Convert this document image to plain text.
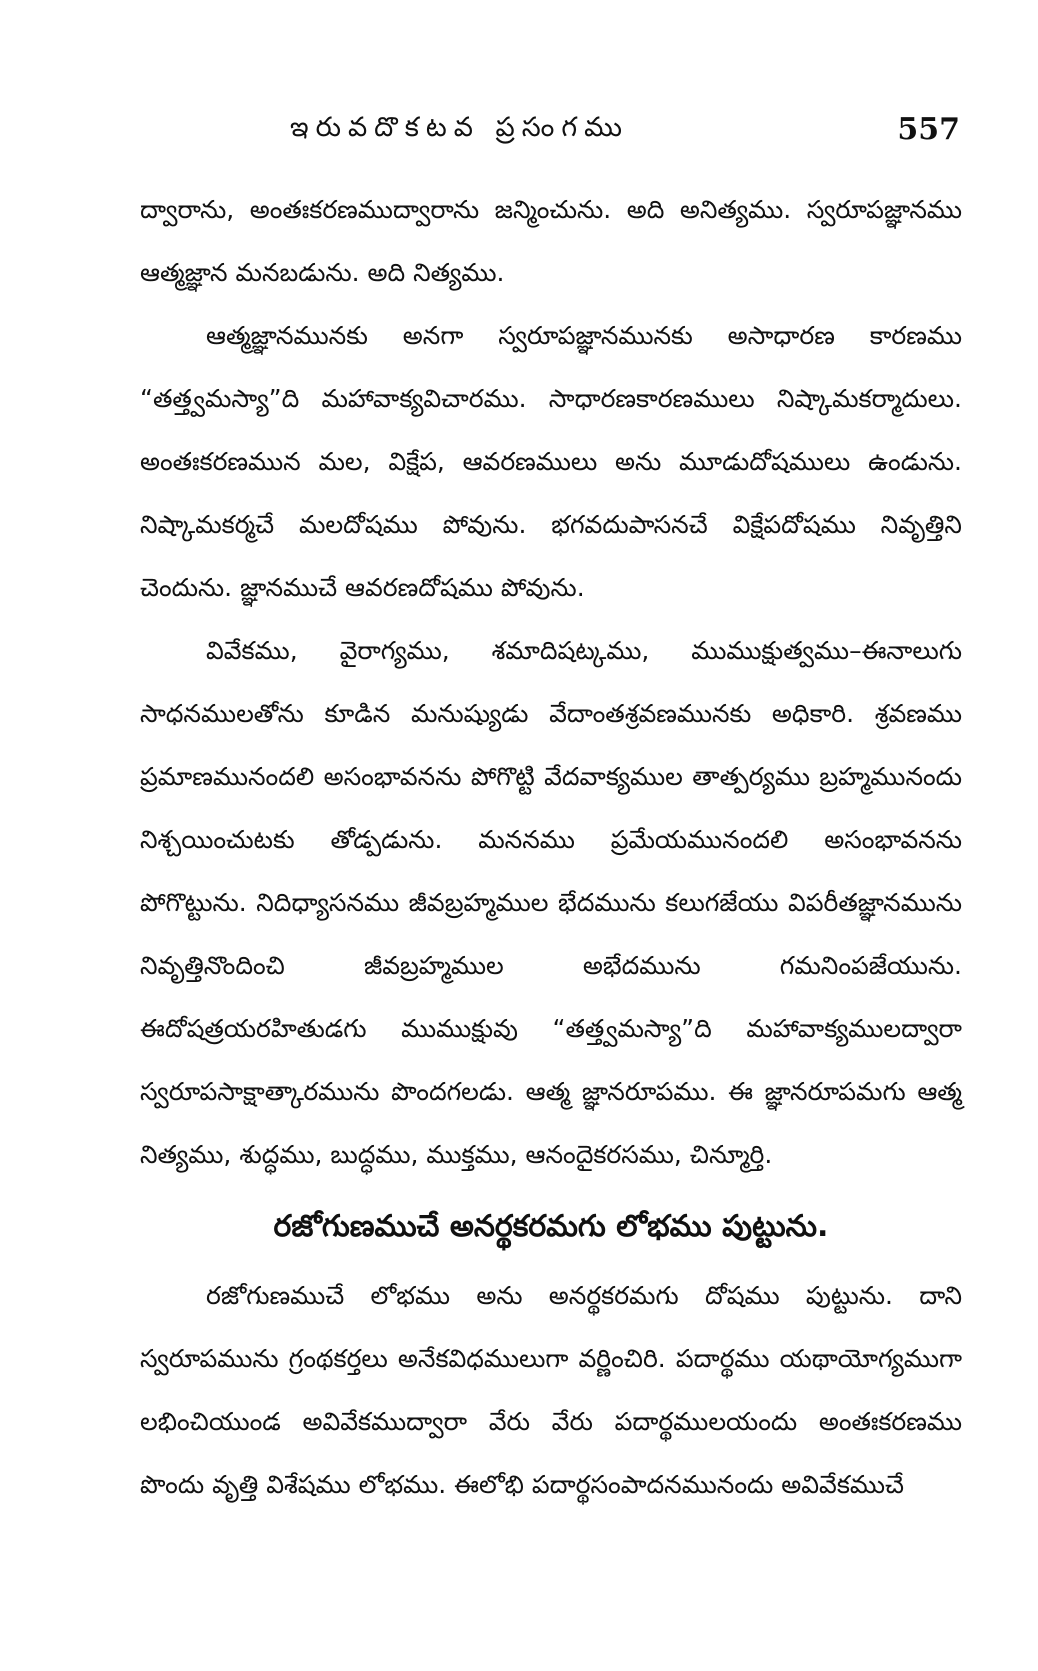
ఇరువదొకటవ ప్రసంగము	557

ద్వారాను, అంతఃకరణముద్వారాను జన్మించును. అది అనిత్యము. స్వరూపజ్ఞానము ఆత్మజ్ఞాన మనబడును. అది నిత్యము.

ఆత్మజ్ఞానమునకు అనగా స్వరూపజ్ఞానమునకు అసాధారణ కారణము “తత్త్వమస్యా”ది మహావాక్యవిచారము. సాధారణకారణములు నిష్కామకర్మాదులు. అంతఃకరణమున మల, విక్షేప, ఆవరణములు అను మూడుదోషములు ఉండును. నిష్కామకర్మచే మలదోషము పోవును. భగవదుపాసనచే విక్షేపదోషము నివృత్తిని చెందును. జ్ఞానముచే ఆవరణదోషము పోవును.

వివేకము, వైరాగ్యము, శమాదిషట్కము, ముముక్షుత్వము–ఈనాలుగు సాధనములతోను కూడిన మనుష్యుడు వేదాంతశ్రవణమునకు అధికారి. శ్రవణము ప్రమాణమునందలి అసంభావనను పోగొట్టి వేదవాక్యముల తాత్పర్యము బ్రహ్మమునందు నిశ్చయించుటకు తోడ్పడును. మననము ప్రమేయమునందలి అసంభావనను పోగొట్టును. నిదిధ్యాసనము జీవబ్రహ్మముల భేదమును కలుగజేయు విపరీతజ్ఞానమును నివృత్తినొందించి జీవబ్రహ్మముల అభేదమును గమనింపజేయును. ఈదోషత్రయరహితుడగు ముముక్షువు “తత్త్వమస్యా”ది మహావాక్యములద్వారా స్వరూపసాక్షాత్కారమును పొందగలడు. ఆత్మ జ్ఞానరూపము. ఈ జ్ఞానరూపమగు ఆత్మ నిత్యము, శుద్ధము, బుద్ధము, ముక్తము, ఆనందైకరసము, చిన్మూర్తి.

రజోగుణముచే అనర్థకరమగు లోభము పుట్టును.

రజోగుణముచే లోభము అను అనర్థకరమగు దోషము పుట్టును. దాని స్వరూపమును గ్రంథకర్తలు అనేకవిధములుగా వర్ణించిరి. పదార్థము యథాయోగ్యముగా లభించియుండ అవివేకముద్వారా వేరు వేరు పదార్థములయందు అంతఃకరణము పొందు వృత్తి విశేషము లోభము. ఈలోభి పదార్థసంపాదనమునందు అవివేకముచే
